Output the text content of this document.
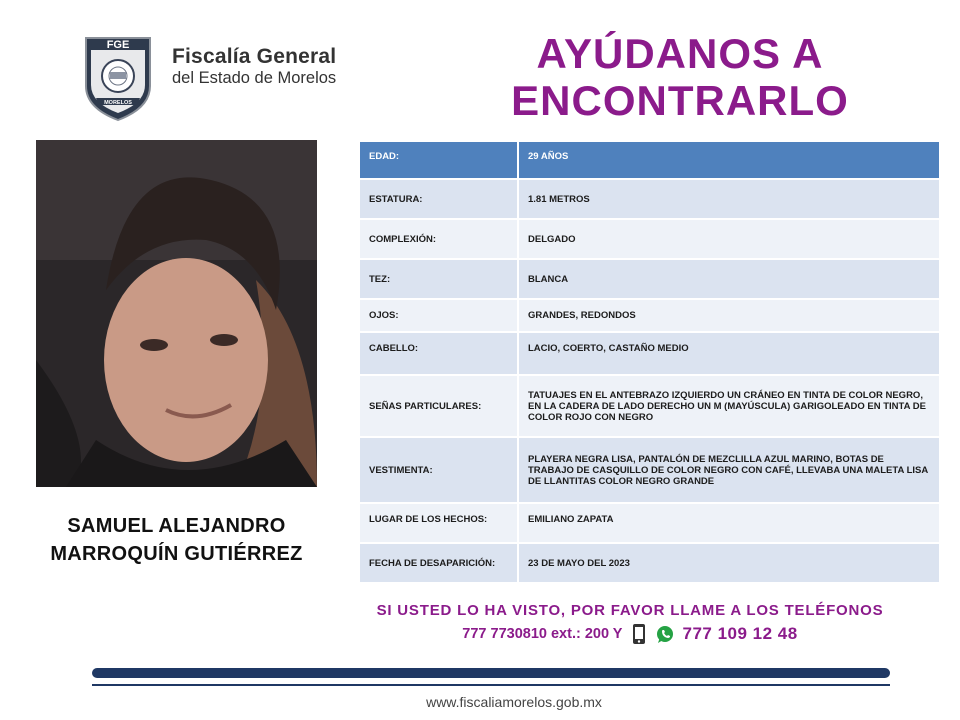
FGE
MORELOS
Fiscalía General
del Estado de Morelos
AYÚDANOS A
ENCONTRARLO
SAMUEL ALEJANDRO
MARROQUÍN GUTIÉRREZ
EDAD:	29 AÑOS
ESTATURA:	1.81 METROS
COMPLEXIÓN:	DELGADO
TEZ:	BLANCA
OJOS:	GRANDES, REDONDOS
CABELLO:	LACIO, COERTO, CASTAÑO MEDIO
SEÑAS PARTICULARES:	TATUAJES EN EL ANTEBRAZO IZQUIERDO UN CRÁNEO EN TINTA DE COLOR NEGRO, EN LA CADERA DE LADO DERECHO UN M (MAYÚSCULA) GARIGOLEADO EN TINTA DE COLOR ROJO CON NEGRO
VESTIMENTA:	PLAYERA NEGRA LISA, PANTALÓN DE MEZCLILLA AZUL MARINO, BOTAS DE TRABAJO DE CASQUILLO DE COLOR NEGRO CON CAFÉ, LLEVABA UNA MALETA LISA DE LLANTITAS COLOR NEGRO GRANDE
LUGAR DE LOS HECHOS:	EMILIANO ZAPATA
FECHA DE DESAPARICIÓN:	23 DE MAYO DEL 2023
SI USTED LO HA VISTO, POR FAVOR LLAME A LOS TELÉFONOS
777 7730810 ext.: 200 Y	777 109 12 48
www.fiscaliamorelos.gob.mx
